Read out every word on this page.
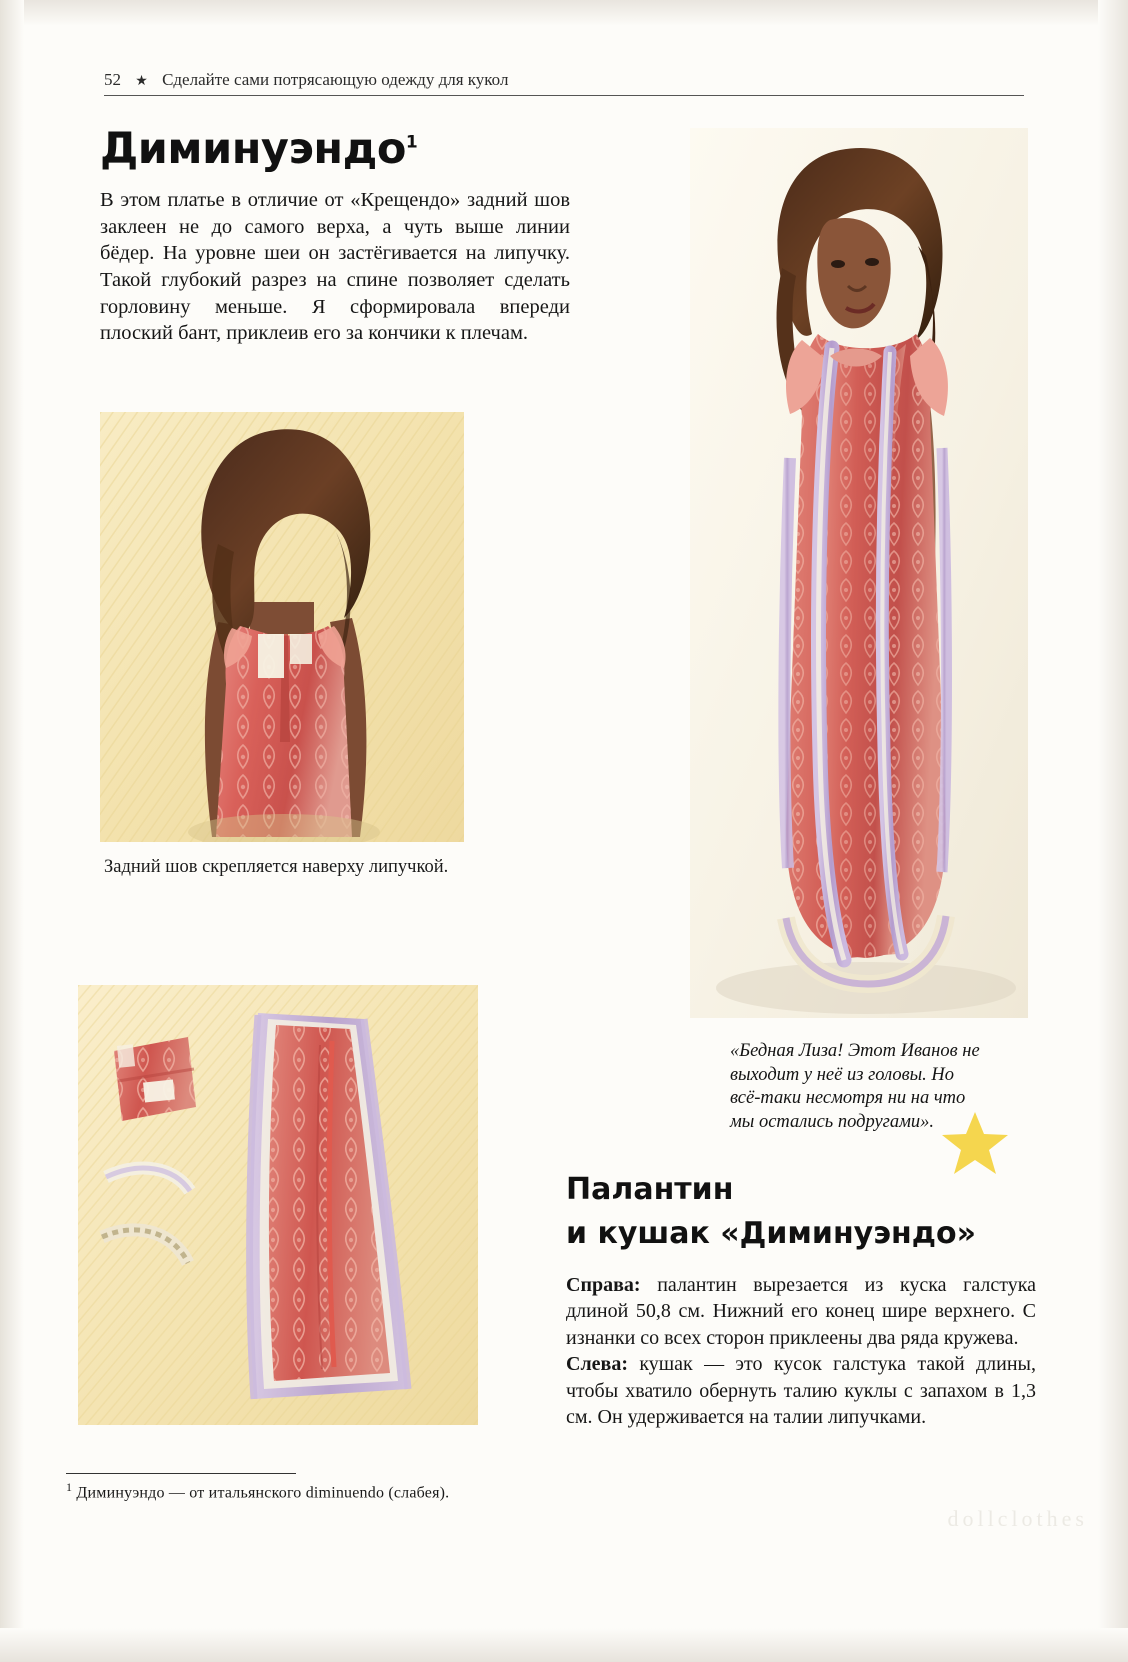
52 ★ Сделайте сами потрясающую одежду для кукол
Диминуэндо$^1$

В этом платье в отличие от «Крещендо» задний шов заклеен не до самого верха, а чуть выше линии бёдер. На уровне шеи он застёгивается на липучку. Такой глубокий разрез на спине позволяет сделать горловину меньше. Я сформировала впереди плоский бант, приклеив его за кончики к плечам.

Задний шов скрепляется наверху липучкой.
«Бедная Лиза! Этот Иванов не выходит у неё из головы. Но всё-таки несмотря ни на что мы остались подругами».
Палантин
и кушак «Диминуэндо»

Справа: палантин вырезается из куска галстука длиной 50,8 см. Нижний его конец шире верхнего. С изнанки со всех сторон приклеены два ряда кружева.

Слева: кушак — это кусок галстука такой длины, чтобы хватило обернуть талию куклы с запахом в 1,3 см. Он удерживается на талии липучками.

$^1$ Диминуэндо — от итальянского diminuendo (слабея).
dollclothes
